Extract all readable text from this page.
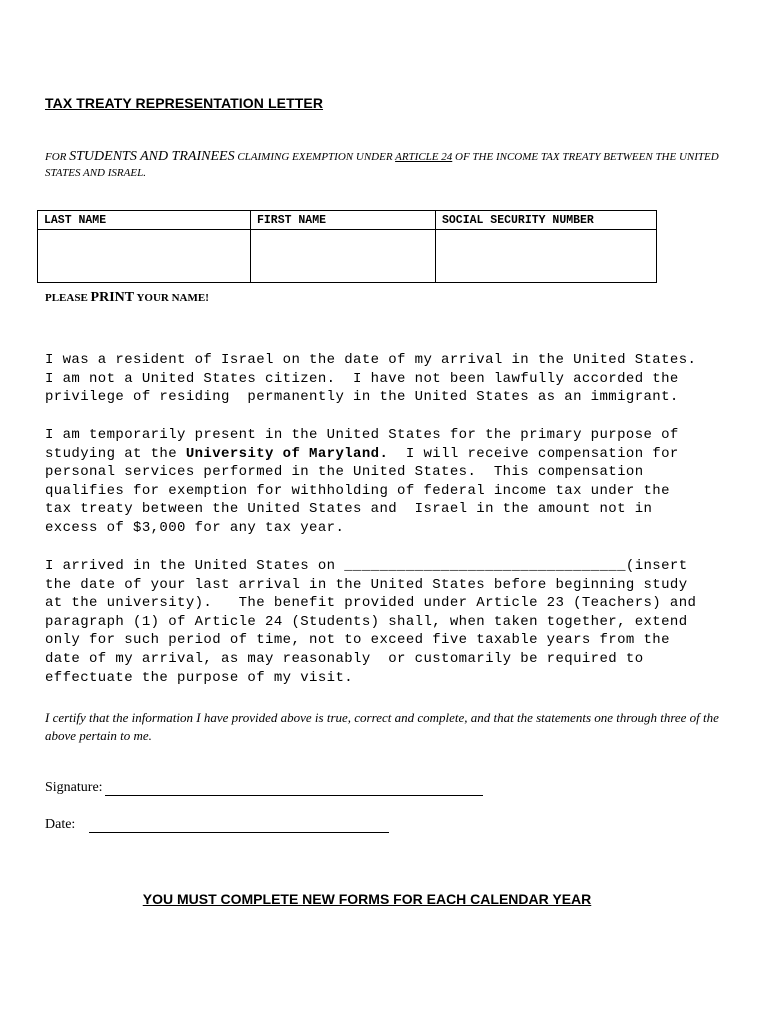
TAX TREATY REPRESENTATION LETTER
FOR STUDENTS AND TRAINEES CLAIMING EXEMPTION UNDER ARTICLE 24 OF THE INCOME TAX TREATY BETWEEN THE UNITED STATES AND ISRAEL.
LAST NAME	FIRST NAME	SOCIAL SECURITY NUMBER

PLEASE PRINT YOUR NAME!
I was a resident of Israel on the date of my arrival in the United States.
I am not a United States citizen.  I have not been lawfully accorded the
privilege of residing  permanently in the United States as an immigrant.
I am temporarily present in the United States for the primary purpose of
studying at the University of Maryland.  I will receive compensation for
personal services performed in the United States.  This compensation
qualifies for exemption for withholding of federal income tax under the
tax treaty between the United States and  Israel in the amount not in
excess of $3,000 for any tax year.
I arrived in the United States on ________________________________(insert
the date of your last arrival in the United States before beginning study
at the university).   The benefit provided under Article 23 (Teachers) and
paragraph (1) of Article 24 (Students) shall, when taken together, extend
only for such period of time, not to exceed five taxable years from the
date of my arrival, as may reasonably  or customarily be required to
effectuate the purpose of my visit.
I certify that the information I have provided above is true, correct and complete, and that the statements one through three of the above pertain to me.
Signature:
Date:
YOU MUST COMPLETE NEW FORMS FOR EACH CALENDAR YEAR
